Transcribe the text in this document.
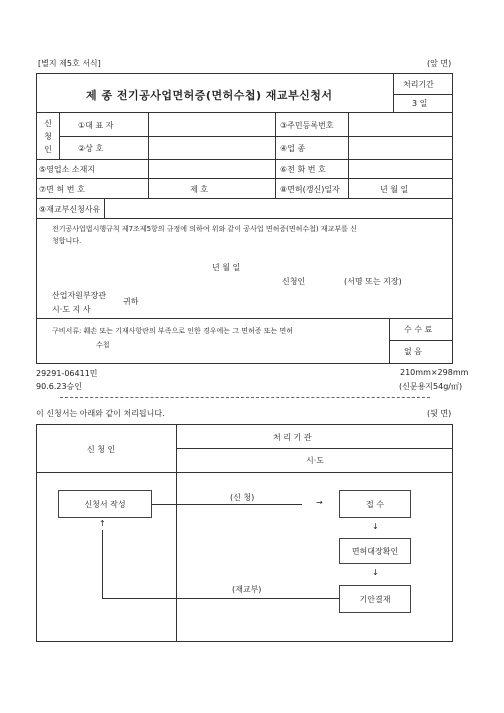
[별지 제5호 서식]	(앞 면)
제 종 전기공사업면허증(면허수첩) 재교부신청서
처리기간
3 일
신
청
인
①대 표 자	③주민등록번호
②상 호	④업 종
⑤영업소 소재지	⑥전 화 번 호
⑦면 허 번 호	제 호	⑧면허(갱신)일자	년 월 일
⑨재교부신청사유
전기공사업법시행규칙 제7조제5항의 규정에 의하여 위와 같이 공사업 면허증(면허수첩) 재교부를 신
청합니다.
년 월 일
신청인	(서명 또는 지장)
산업자원부장관
귀하
시·도 지 사
구비서류: 훼손 또는 기재사항란의 부족으로 인한 경우에는 그 면허증 또는 면허
수첩
수 수 료
없 음
29291-06411민
90.6.23승인
210mm×298mm
(신문용지54g/㎡)
이 신청서는 아래와 같이 처리됩니다.	(뒷 면)
신 청 인
처 리 기 관
시·도
신청서 작성	접 수
면허대장확인
기안결재
→
(신 청)
↓
↓
↑
(재교부)
